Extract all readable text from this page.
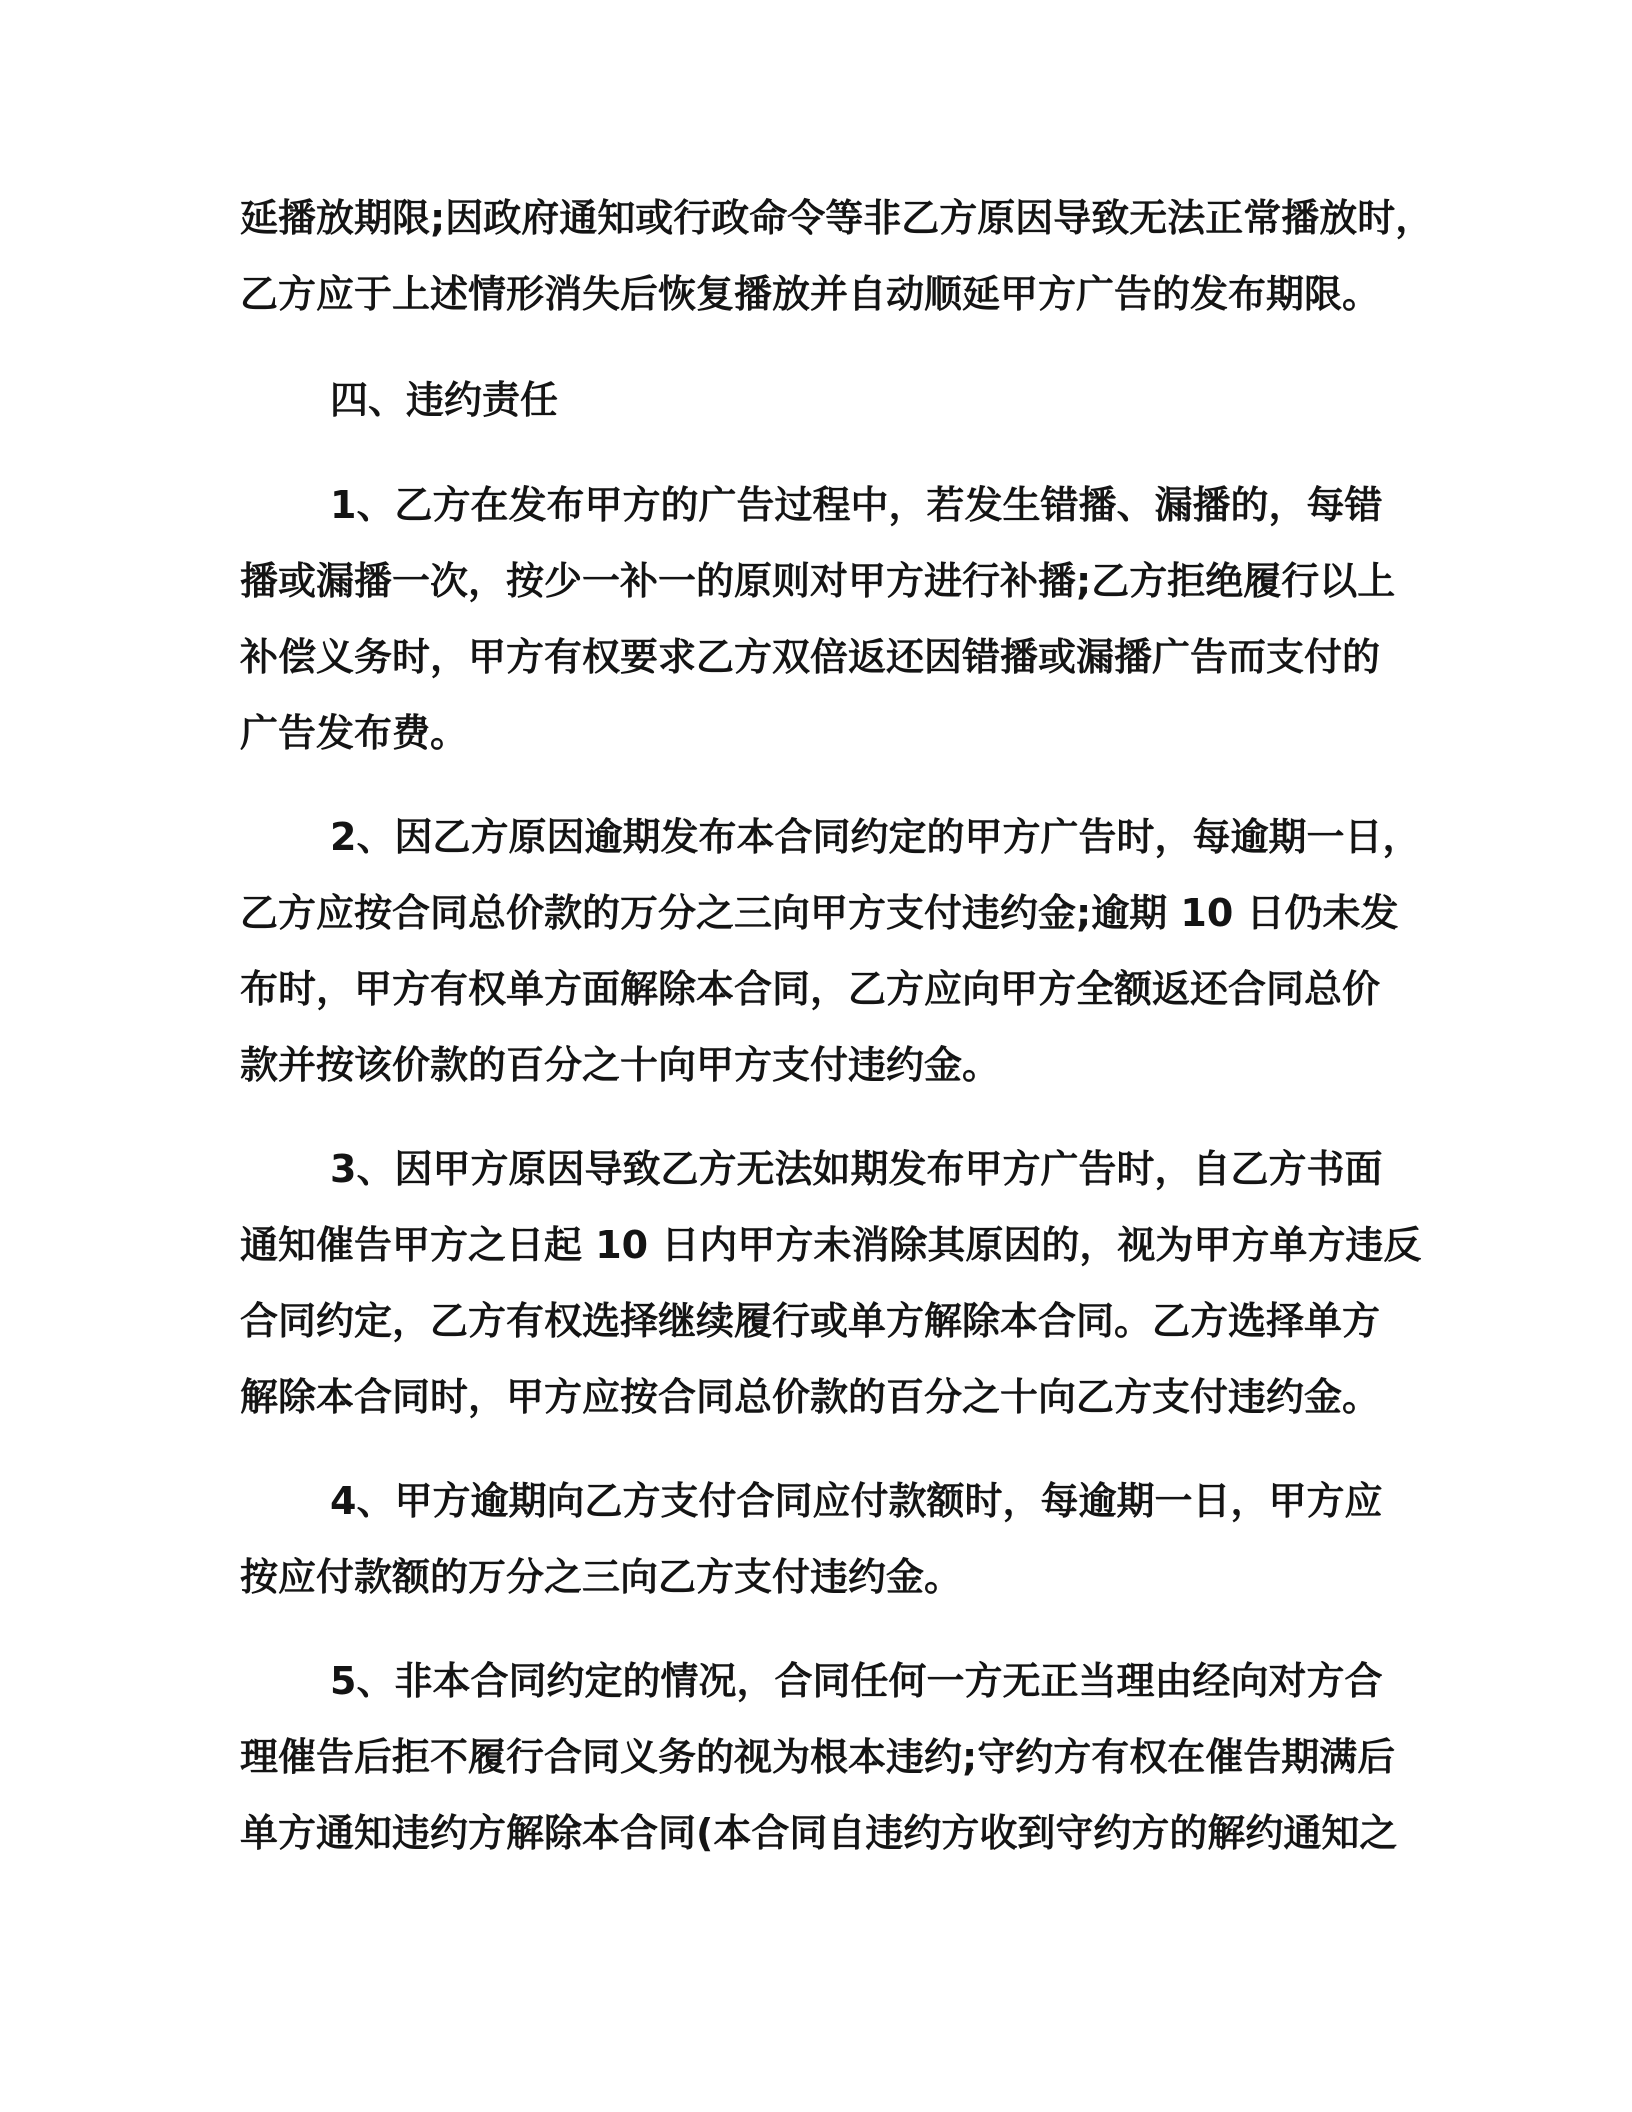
延播放期限;因政府通知或行政命令等非乙方原因导致无法正常播放时，

乙方应于上述情形消失后恢复播放并自动顺延甲方广告的发布期限。

四、违约责任

1、乙方在发布甲方的广告过程中，若发生错播、漏播的，每错

播或漏播一次，按少一补一的原则对甲方进行补播;乙方拒绝履行以上

补偿义务时，甲方有权要求乙方双倍返还因错播或漏播广告而支付的

广告发布费。

2、因乙方原因逾期发布本合同约定的甲方广告时，每逾期一日，

乙方应按合同总价款的万分之三向甲方支付违约金;逾期 10 日仍未发

布时，甲方有权单方面解除本合同，乙方应向甲方全额返还合同总价

款并按该价款的百分之十向甲方支付违约金。

3、因甲方原因导致乙方无法如期发布甲方广告时，自乙方书面

通知催告甲方之日起 10 日内甲方未消除其原因的，视为甲方单方违反

合同约定，乙方有权选择继续履行或单方解除本合同。乙方选择单方

解除本合同时，甲方应按合同总价款的百分之十向乙方支付违约金。

4、甲方逾期向乙方支付合同应付款额时，每逾期一日，甲方应

按应付款额的万分之三向乙方支付违约金。

5、非本合同约定的情况，合同任何一方无正当理由经向对方合

理催告后拒不履行合同义务的视为根本违约;守约方有权在催告期满后

单方通知违约方解除本合同(本合同自违约方收到守约方的解约通知之
